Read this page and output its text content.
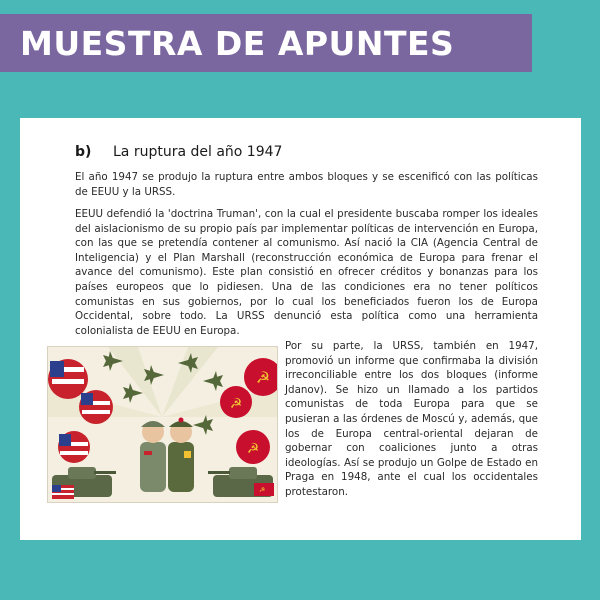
MUESTRA DE APUNTES
b) La ruptura del año 1947

El año 1947 se produjo la ruptura entre ambos bloques y se escenificó con las políticas de EEUU y la URSS.

EEUU defendió la 'doctrina Truman', con la cual el presidente buscaba romper los ideales del aislacionismo de su propio país par implementar políticas de intervención en Europa, con las que se pretendía contener al comunismo. Así nació la CIA (Agencia Central de Inteligencia) y el Plan Marshall (reconstrucción económica de Europa para frenar el avance del comunismo). Este plan consistió en ofrecer créditos y bonanzas para los países europeos que lo pidiesen. Una de las condiciones era no tener políticos comunistas en sus gobiernos, por lo cual los beneficiados fueron los de Europa Occidental, sobre todo. La URSS denunció esta política como una herramienta colonialista de EEUU en Europa.

Por su parte, la URSS, también en 1947, promovió un informe que confirmaba la división irreconciliable entre los dos bloques (informe Jdanov). Se hizo un llamado a los partidos comunistas de toda Europa para que se pusieran a las órdenes de Moscú y, además, que los de Europa central-oriental dejaran de gobernar con coaliciones junto a otras ideologías. Así se produjo un Golpe de Estado en Praga en 1948, ante el cual los occidentales protestaron.

☭
☭
☭
☭
